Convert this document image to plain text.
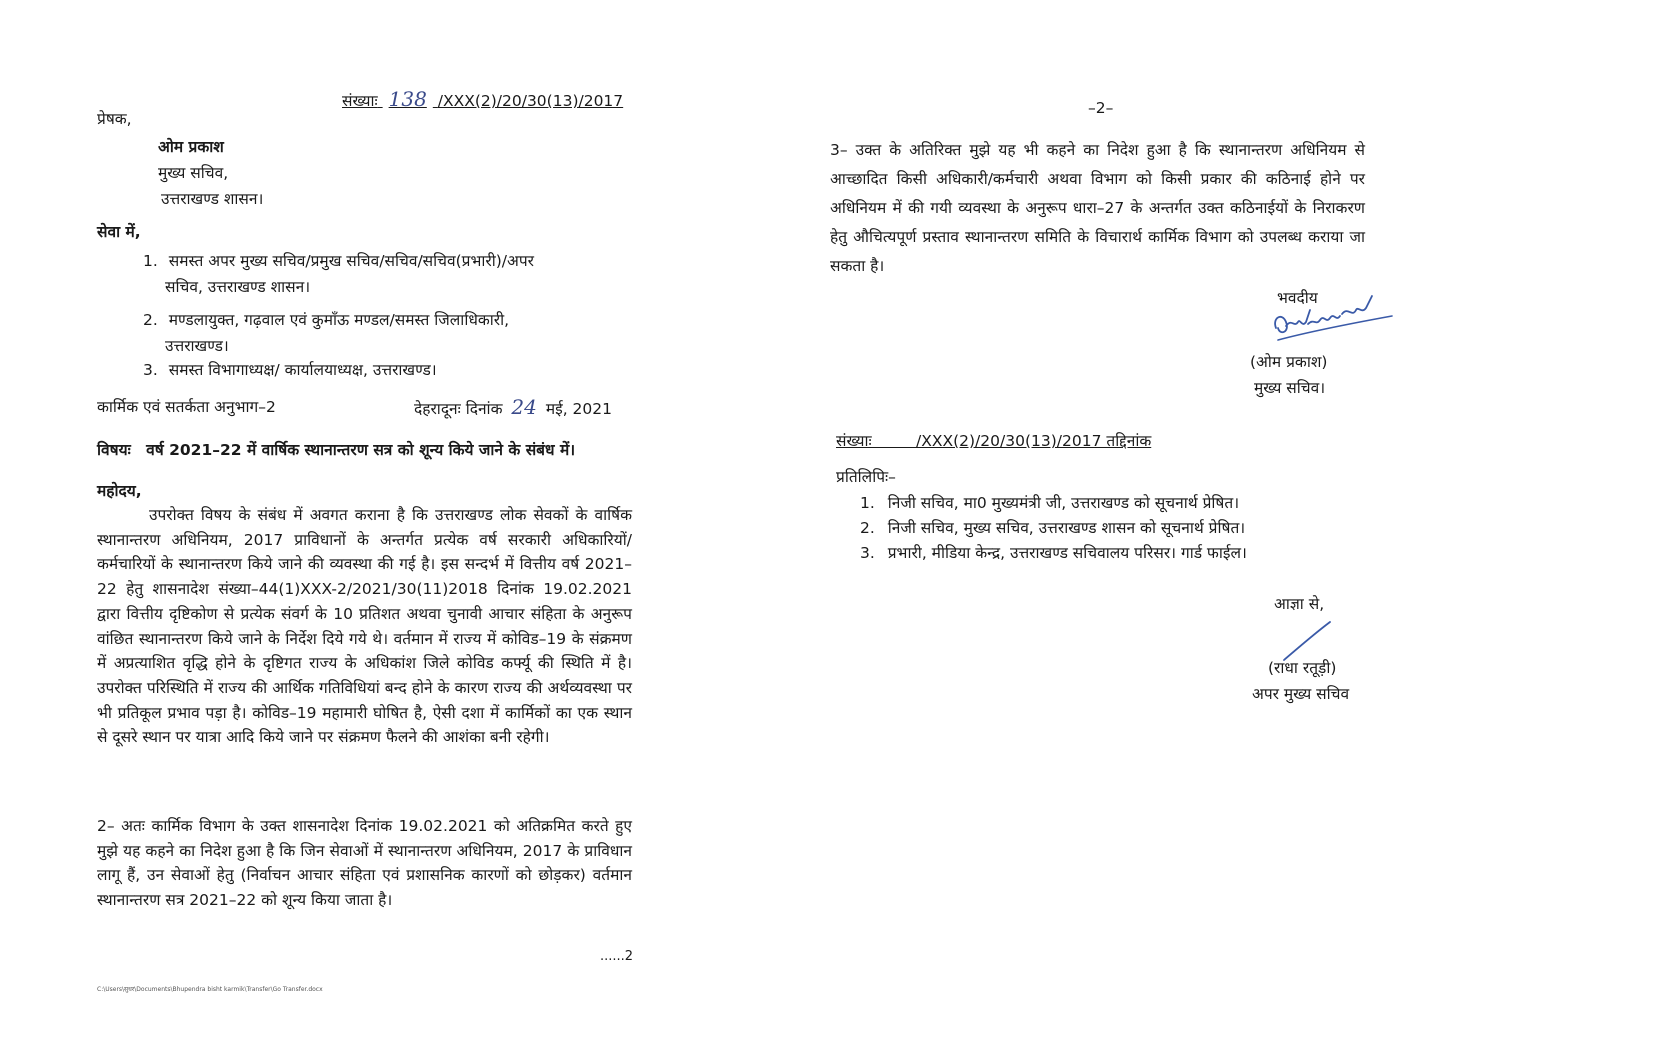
संख्याः 138 /XXX(2)/20/30(13)/2017
प्रेषक,
ओम प्रकाश
मुख्य सचिव,
उत्तराखण्ड शासन।
सेवा में,
1. समस्त अपर मुख्य सचिव/प्रमुख सचिव/सचिव/सचिव(प्रभारी)/अपर
सचिव, उत्तराखण्ड शासन।
2. मण्डलायुक्त, गढ़वाल एवं कुमाँऊ मण्डल/समस्त जिलाधिकारी,
उत्तराखण्ड।
3. समस्त विभागाध्यक्ष/ कार्यालयाध्यक्ष, उत्तराखण्ड।
कार्मिक एवं सतर्कता अनुभाग–2	देहरादूनः दिनांक 24 मई, 2021
विषयः वर्ष 2021–22 में वार्षिक स्थानान्तरण सत्र को शून्य किये जाने के संबंध में।
महोदय,
उपरोक्त विषय के संबंध में अवगत कराना है कि उत्तराखण्ड लोक सेवकों के वार्षिक स्थानान्तरण अधिनियम, 2017 प्राविधानों के अन्तर्गत प्रत्येक वर्ष सरकारी अधिकारियों/ कर्मचारियों के स्थानान्तरण किये जाने की व्यवस्था की गई है। इस सन्दर्भ में वित्तीय वर्ष 2021–22 हेतु शासनादेश संख्या–44(1)XXX-2/2021/30(11)2018 दिनांक 19.02.2021 द्वारा वित्तीय दृष्टिकोण से प्रत्येक संवर्ग के 10 प्रतिशत अथवा चुनावी आचार संहिता के अनुरूप वांछित स्थानान्तरण किये जाने के निर्देश दिये गये थे। वर्तमान में राज्य में कोविड–19 के संक्रमण में अप्रत्याशित वृद्धि होने के दृष्टिगत राज्य के अधिकांश जिले कोविड कर्फ्यू की स्थिति में है। उपरोक्त परिस्थिति में राज्य की आर्थिक गतिविधियां बन्द होने के कारण राज्य की अर्थव्यवस्था पर भी प्रतिकूल प्रभाव पड़ा है। कोविड–19 महामारी घोषित है, ऐसी दशा में कार्मिकों का एक स्थान से दूसरे स्थान पर यात्रा आदि किये जाने पर संक्रमण फैलने की आशंका बनी रहेगी।
2– अतः कार्मिक विभाग के उक्त शासनादेश दिनांक 19.02.2021 को अतिक्रमित करते हुए मुझे यह कहने का निदेश हुआ है कि जिन सेवाओं में स्थानान्तरण अधिनियम, 2017 के प्राविधान लागू हैं, उन सेवाओं हेतु (निर्वाचन आचार संहिता एवं प्रशासनिक कारणों को छोड़कर) वर्तमान स्थानान्तरण सत्र 2021–22 को शून्य किया जाता है।
......2
C:\Users\सुधर\Documents\Bhupendra bisht karmik\Transfer\Go Transfer.docx
–2–
3– उक्त के अतिरिक्त मुझे यह भी कहने का निदेश हुआ है कि स्थानान्तरण अधिनियम से आच्छादित किसी अधिकारी/कर्मचारी अथवा विभाग को किसी प्रकार की कठिनाई होने पर अधिनियम में की गयी व्यवस्था के अनुरूप धारा–27 के अन्तर्गत उक्त कठिनाईयों के निराकरण हेतु औचित्यपूर्ण प्रस्ताव स्थानान्तरण समिति के विचारार्थ कार्मिक विभाग को उपलब्ध कराया जा सकता है।
भवदीय
(ओम प्रकाश)
मुख्य सचिव।
संख्याः         /XXX(2)/20/30(13)/2017 तद्दिनांक
प्रतिलिपिः–
1. निजी सचिव, मा0 मुख्यमंत्री जी, उत्तराखण्ड को सूचनार्थ प्रेषित।
2. निजी सचिव, मुख्य सचिव, उत्तराखण्ड शासन को सूचनार्थ प्रेषित।
3. प्रभारी, मीडिया केन्द्र, उत्तराखण्ड सचिवालय परिसर। गार्ड फाईल।
आज्ञा से,
(राधा रतूड़ी)
अपर मुख्य सचिव
